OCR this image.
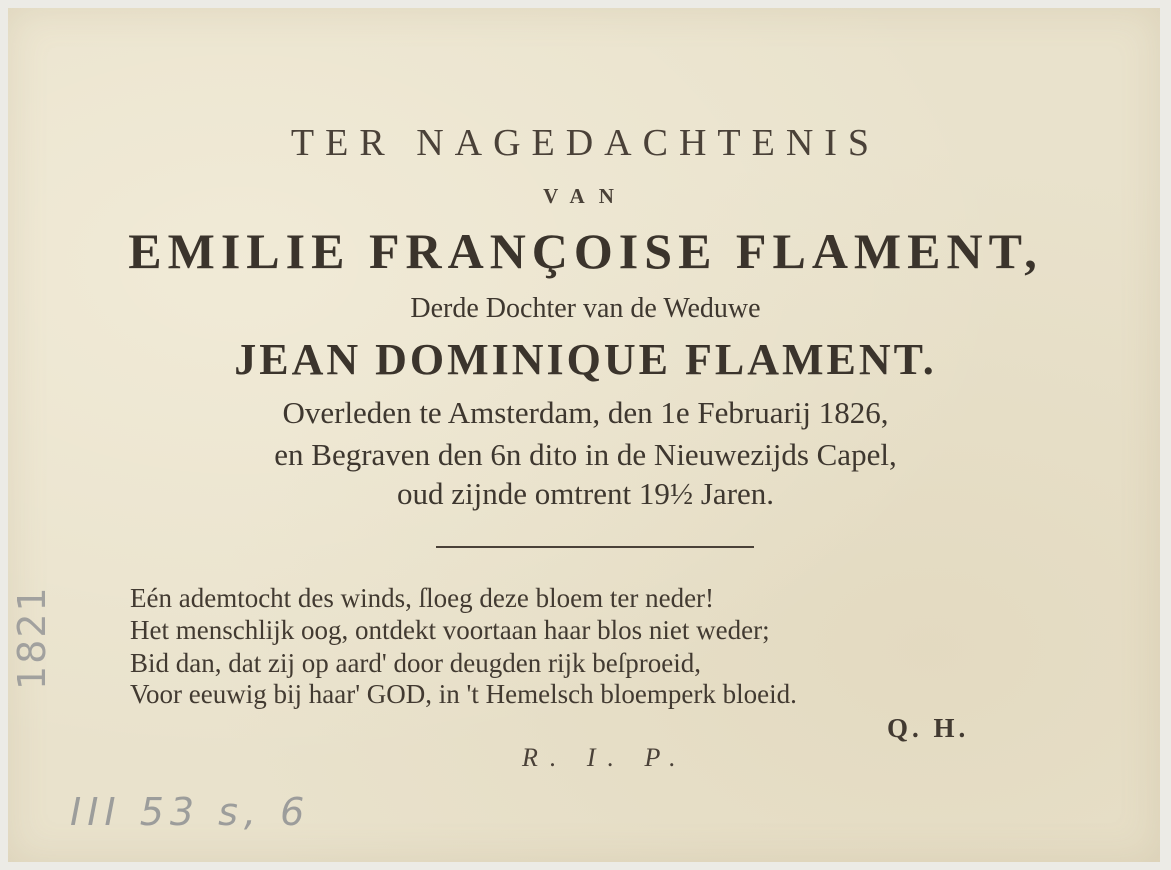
TER NAGEDACHTENIS
VAN
EMILIE FRANÇOISE FLAMENT,
Derde Dochter van de Weduwe
JEAN DOMINIQUE FLAMENT.
Overleden te Amsterdam, den 1e Februarij 1826,
en Begraven den 6n dito in de Nieuwezijds Capel,
oud zijnde omtrent 19½ Jaren.
Eén ademtocht des winds, ſloeg deze bloem ter neder!
Het menschlijk oog, ontdekt voortaan haar blos niet weder;
Bid dan, dat zij op aard' door deugden rijk beſproeid,
Voor eeuwig bij haar' GOD, in 't Hemelsch bloemperk bloeid.
Q. H.
R. I. P.
1821
III 53 s, 6
